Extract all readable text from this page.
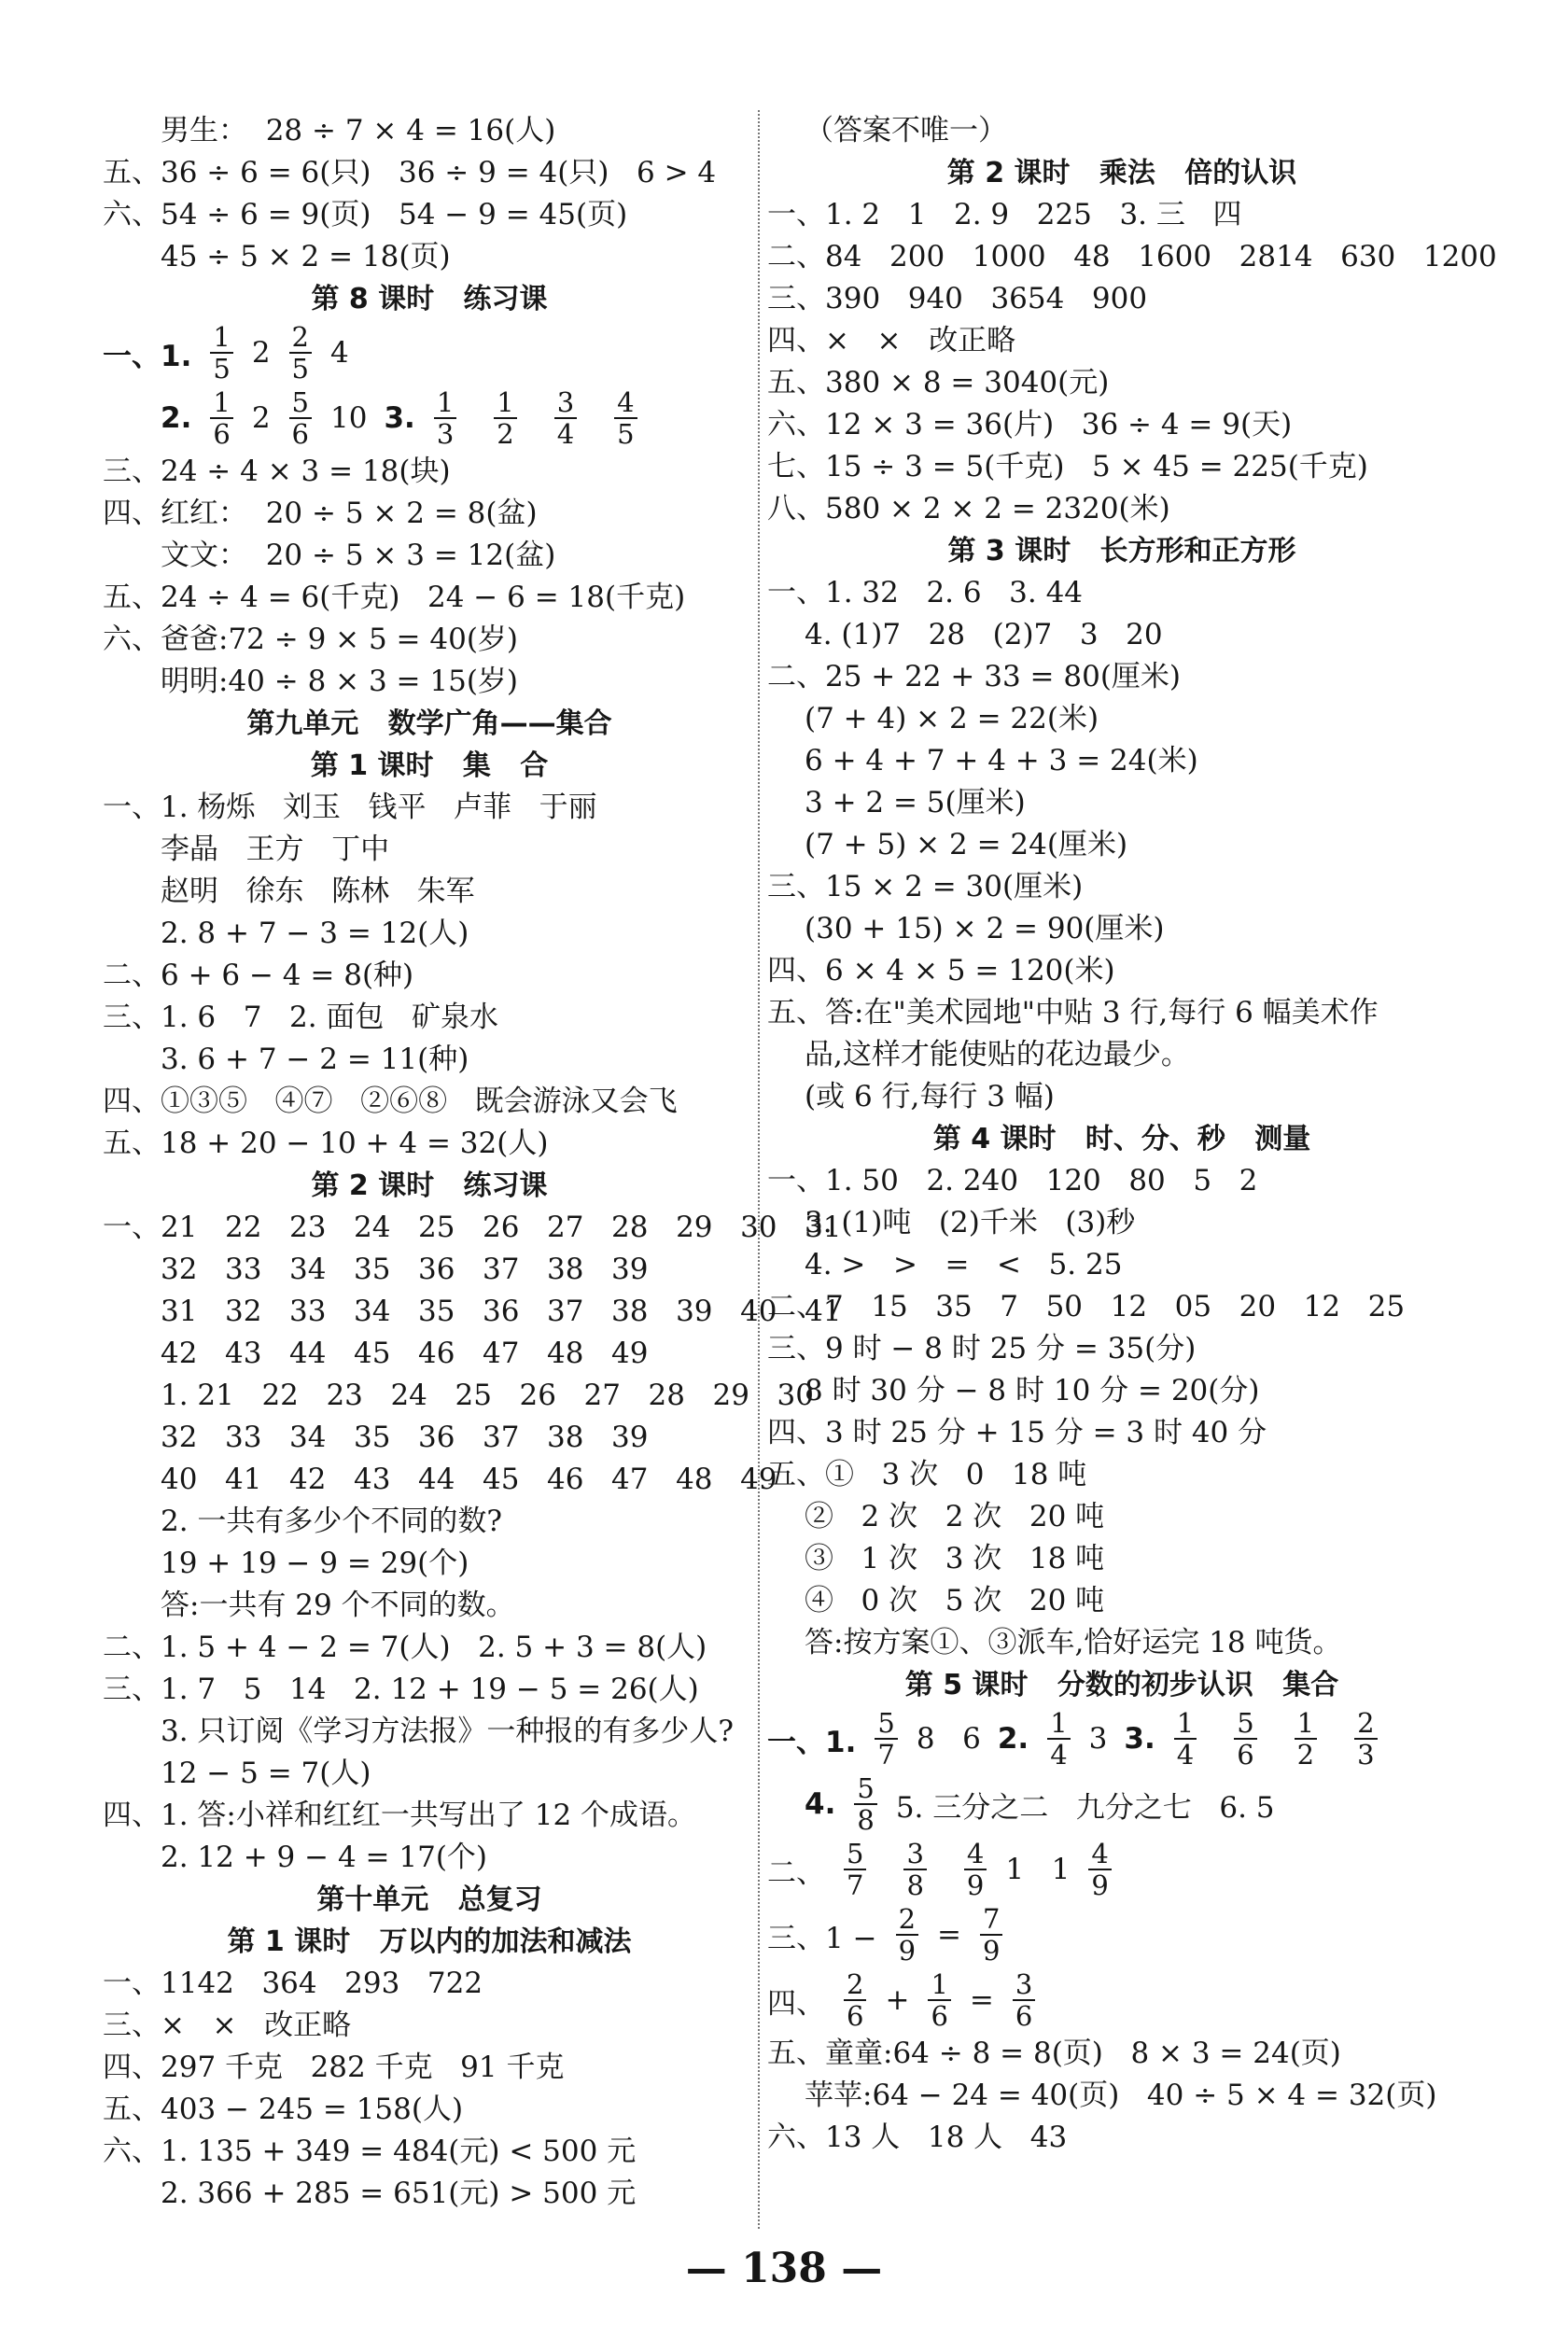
男生：  28 ÷ 7 × 4 = 16(人)
五、36 ÷ 6 = 6(只)   36 ÷ 9 = 4(只)   6 > 4
六、54 ÷ 6 = 9(页)   54 − 9 = 45(页)
45 ÷ 5 × 2 = 18(页)
第 8 课时   练习课
一、1. $\frac{1}{5} 2 \frac{2}{5} 4$
2. $\frac{1}{6} 2 \frac{5}{6} 10$ 3. $\frac{1}{3} \frac{1}{2} \frac{3}{4} \frac{4}{5}$
三、24 ÷ 4 × 3 = 18(块)
四、红红：  20 ÷ 5 × 2 = 8(盆)
文文：  20 ÷ 5 × 3 = 12(盆)
五、24 ÷ 4 = 6(千克)   24 − 6 = 18(千克)
六、爸爸:72 ÷ 9 × 5 = 40(岁)
明明:40 ÷ 8 × 3 = 15(岁)
第九单元   数学广角——集合
第 1 课时   集   合
一、1. 杨烁   刘玉   钱平   卢菲   于丽
李晶   王方   丁中
赵明   徐东   陈林   朱军
2. 8 + 7 − 3 = 12(人)
二、6 + 6 − 4 = 8(种)
三、1. 6   7   2. 面包   矿泉水
3. 6 + 7 − 2 = 11(种)
四、①③⑤   ④⑦   ②⑥⑧   既会游泳又会飞
五、18 + 20 − 10 + 4 = 32(人)
第 2 课时   练习课
一、21   22   23   24   25   26   27   28   29   30   31
32   33   34   35   36   37   38   39
31   32   33   34   35   36   37   38   39   40   41
42   43   44   45   46   47   48   49
1. 21   22   23   24   25   26   27   28   29   30
32   33   34   35   36   37   38   39
40   41   42   43   44   45   46   47   48   49
2. 一共有多少个不同的数?
19 + 19 − 9 = 29(个)
答:一共有 29 个不同的数。
二、1. 5 + 4 − 2 = 7(人)   2. 5 + 3 = 8(人)
三、1. 7   5   14   2. 12 + 19 − 5 = 26(人)
3. 只订阅《学习方法报》一种报的有多少人?
12 − 5 = 7(人)
四、1. 答:小祥和红红一共写出了 12 个成语。
2. 12 + 9 − 4 = 17(个)
第十单元   总复习
第 1 课时   万以内的加法和减法
一、1142   364   293   722
三、×   ×   改正略
四、297 千克   282 千克   91 千克
五、403 − 245 = 158(人)
六、1. 135 + 349 = 484(元) < 500 元
2. 366 + 285 = 651(元) > 500 元
（答案不唯一）
第 2 课时   乘法   倍的认识
一、1. 2   1   2. 9   225   3. 三   四
二、84   200   1000   48   1600   2814   630   1200
三、390   940   3654   900
四、×   ×   改正略
五、380 × 8 = 3040(元)
六、12 × 3 = 36(片)   36 ÷ 4 = 9(天)
七、15 ÷ 3 = 5(千克)   5 × 45 = 225(千克)
八、580 × 2 × 2 = 2320(米)
第 3 课时   长方形和正方形
一、1. 32   2. 6   3. 44
4. (1)7   28   (2)7   3   20
二、25 + 22 + 33 = 80(厘米)
(7 + 4) × 2 = 22(米)
6 + 4 + 7 + 4 + 3 = 24(米)
3 + 2 = 5(厘米)
(7 + 5) × 2 = 24(厘米)
三、15 × 2 = 30(厘米)
(30 + 15) × 2 = 90(厘米)
四、6 × 4 × 5 = 120(米)
五、答:在"美术园地"中贴 3 行,每行 6 幅美术作
品,这样才能使贴的花边最少。
(或 6 行,每行 3 幅)
第 4 课时   时、分、秒   测量
一、1. 50   2. 240   120   80   5   2
3. (1)吨   (2)千米   (3)秒
4. >   >   =   <   5. 25
二、7   15   35   7   50   12   05   20   12   25
三、9 时 − 8 时 25 分 = 35(分)
8 时 30 分 − 8 时 10 分 = 20(分)
四、3 时 25 分 + 15 分 = 3 时 40 分
五、①   3 次   0   18 吨
②   2 次   2 次   20 吨
③   1 次   3 次   18 吨
④   0 次   5 次   20 吨
答:按方案①、③派车,恰好运完 18 吨货。
第 5 课时   分数的初步认识   集合
一、1. $\frac{5}{7} 8$   6 2. $\frac{1}{4} 3$ 3. $\frac{1}{4} \frac{5}{6} \frac{1}{2} \frac{2}{3}$
4. $\frac{5}{8} 5$. 三分之二   九分之七   6. 5
二、 $\frac{5}{7} \frac{3}{8} \frac{4}{9} 1$   $1 \frac{4}{9}$
三、$1 - \frac{2}{9} = \frac{7}{9}$
四、 $\frac{2}{6} + \frac{1}{6} = \frac{3}{6}$
五、童童:64 ÷ 8 = 8(页)   8 × 3 = 24(页)
苹苹:64 − 24 = 40(页)   40 ÷ 5 × 4 = 32(页)
六、13 人   18 人   43
— 138 —
